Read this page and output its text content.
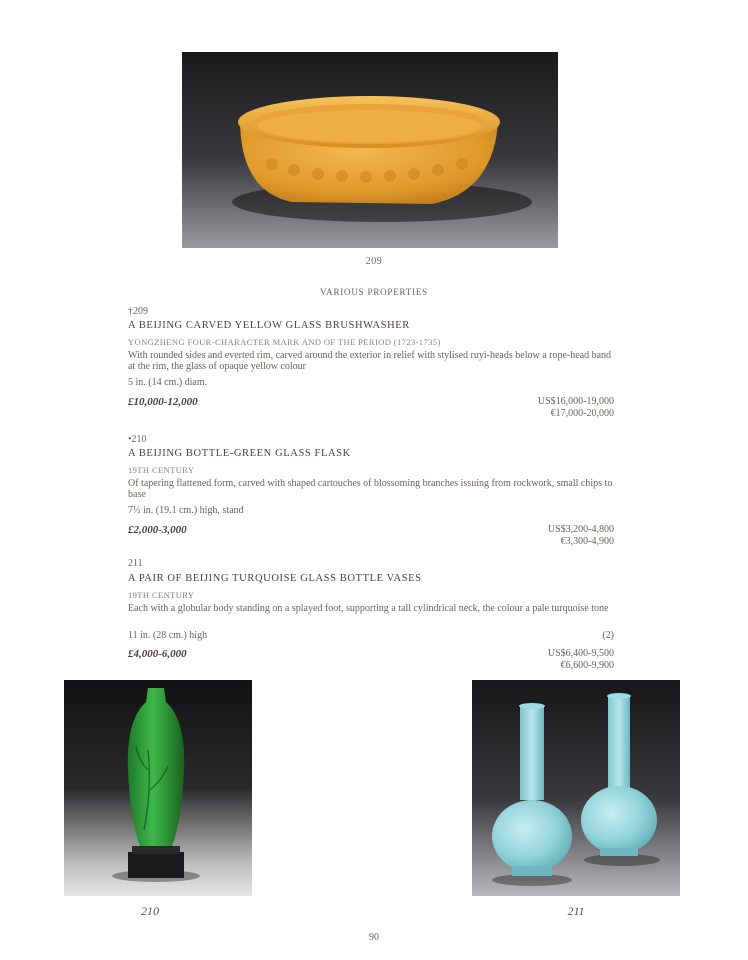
209
VARIOUS PROPERTIES
†209
A BEIJING CARVED YELLOW GLASS BRUSHWASHER
YONGZHENG FOUR-CHARACTER MARK AND OF THE PERIOD (1723-1735)
With rounded sides and everted rim, carved around the exterior in relief with stylised ruyi-heads below a rope-head band at the rim, the glass of opaque yellow colour
5 in. (14 cm.) diam.
£10,000-12,000	US$16,000-19,000
€17,000-20,000
•210
A BEIJING BOTTLE-GREEN GLASS FLASK
19TH CENTURY
Of tapering flattened form, carved with shaped cartouches of blossoming branches issuing from rockwork, small chips to base
7½ in. (19.1 cm.) high, stand
£2,000-3,000	US$3,200-4,800
€3,300-4,900
211
A PAIR OF BEIJING TURQUOISE GLASS BOTTLE VASES
19TH CENTURY
Each with a globular body standing on a splayed foot, supporting a tall cylindrical neck, the colour a pale turquoise tone
11 in. (28 cm.) high	(2)
£4,000-6,000	US$6,400-9,500
€6,600-9,900
210	211
90
